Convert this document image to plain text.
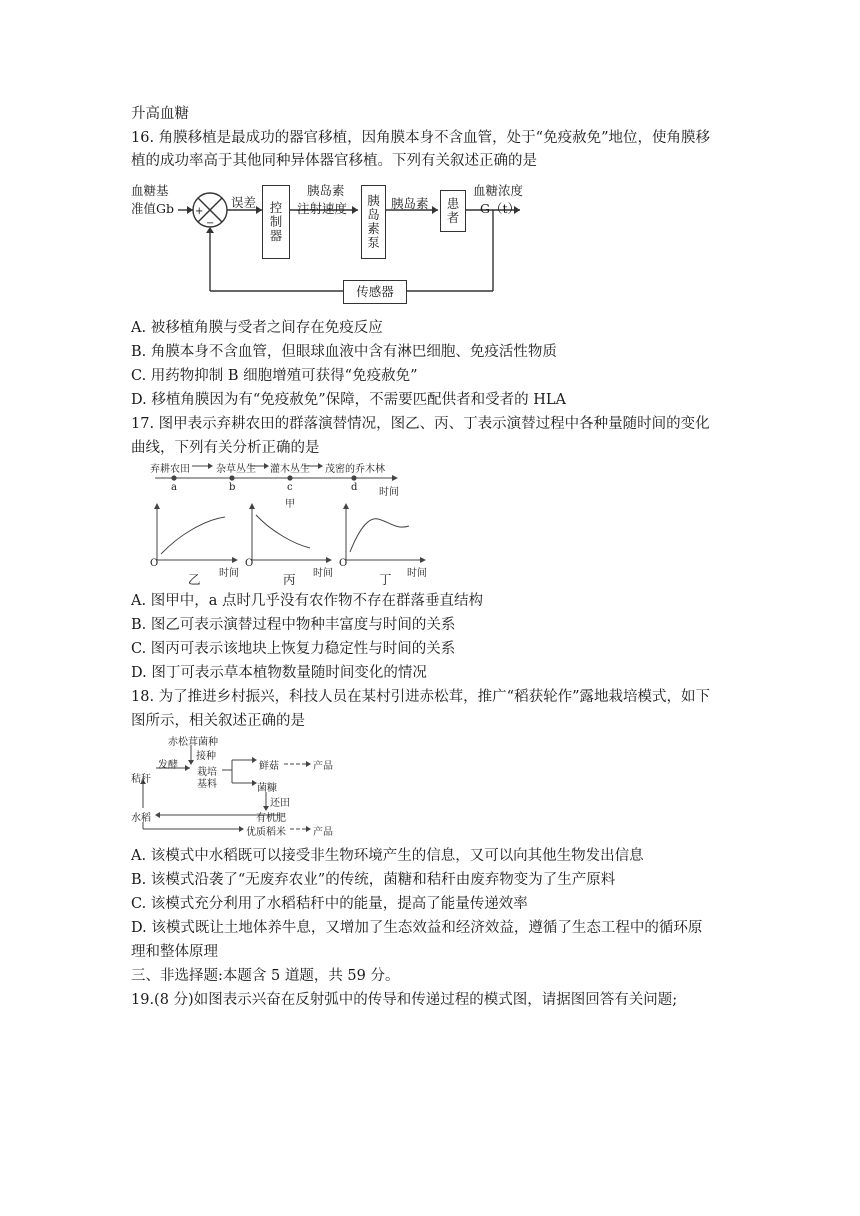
升高血糖
16. 角膜移植是最成功的器官移植，因角膜本身不含血管，处于“免疫赦免”地位，使角膜移
植的成功率高于其他同种异体器官移植。下列有关叙述正确的是
A. 被移植角膜与受者之间存在免疫反应
B. 角膜本身不含血管，但眼球血液中含有淋巴细胞、免疫活性物质
C. 用药物抑制 B 细胞增殖可获得“免疫赦免”
D. 移植角膜因为有“免疫赦免”保障，不需要匹配供者和受者的 HLA
17. 图甲表示弃耕农田的群落演替情况，图乙、丙、丁表示演替过程中各种量随时间的变化
曲线，下列有关分析正确的是
A. 图甲中，a 点时几乎没有农作物不存在群落垂直结构
B. 图乙可表示演替过程中物种丰富度与时间的关系
C. 图丙可表示该地块上恢复力稳定性与时间的关系
D. 图丁可表示草本植物数量随时间变化的情况
18. 为了推进乡村振兴，科技人员在某村引进赤松茸，推广“稻获轮作”露地栽培模式，如下
图所示，相关叙述正确的是
A. 该模式中水稻既可以接受非生物环境产生的信息，又可以向其他生物发出信息
B. 该模式沿袭了“无废弃农业”的传统，菌糖和秸秆由废弃物变为了生产原料
C. 该模式充分利用了水稻秸秆中的能量，提高了能量传递效率
D. 该模式既让土地体养牛息，又增加了生态效益和经济效益，遵循了生态工程中的循环原
理和整体原理
三、非选择题:本题含 5 道题，共 59 分。
19.(8 分)如图表示兴奋在反射弧中的传导和传递过程的模式图，请据图回答有关问题;
血糖基
准值Gb +
−
误差 控制器
胰岛素
注射速度
胰岛素泵
胰岛素 患者
血糖浓度
G（t）
传感器
弃耕农田	杂草丛生 灌木丛生 茂密的乔木林
a	b	c	d 时间
甲
O
时间
乙
O
时间
丙
O
时间
丁
赤松茸菌种
接种
秸秆
发酵
栽培
基料
鲜菇	产品
菌糠
还田
水稻	有机肥
优质稻米	产品
